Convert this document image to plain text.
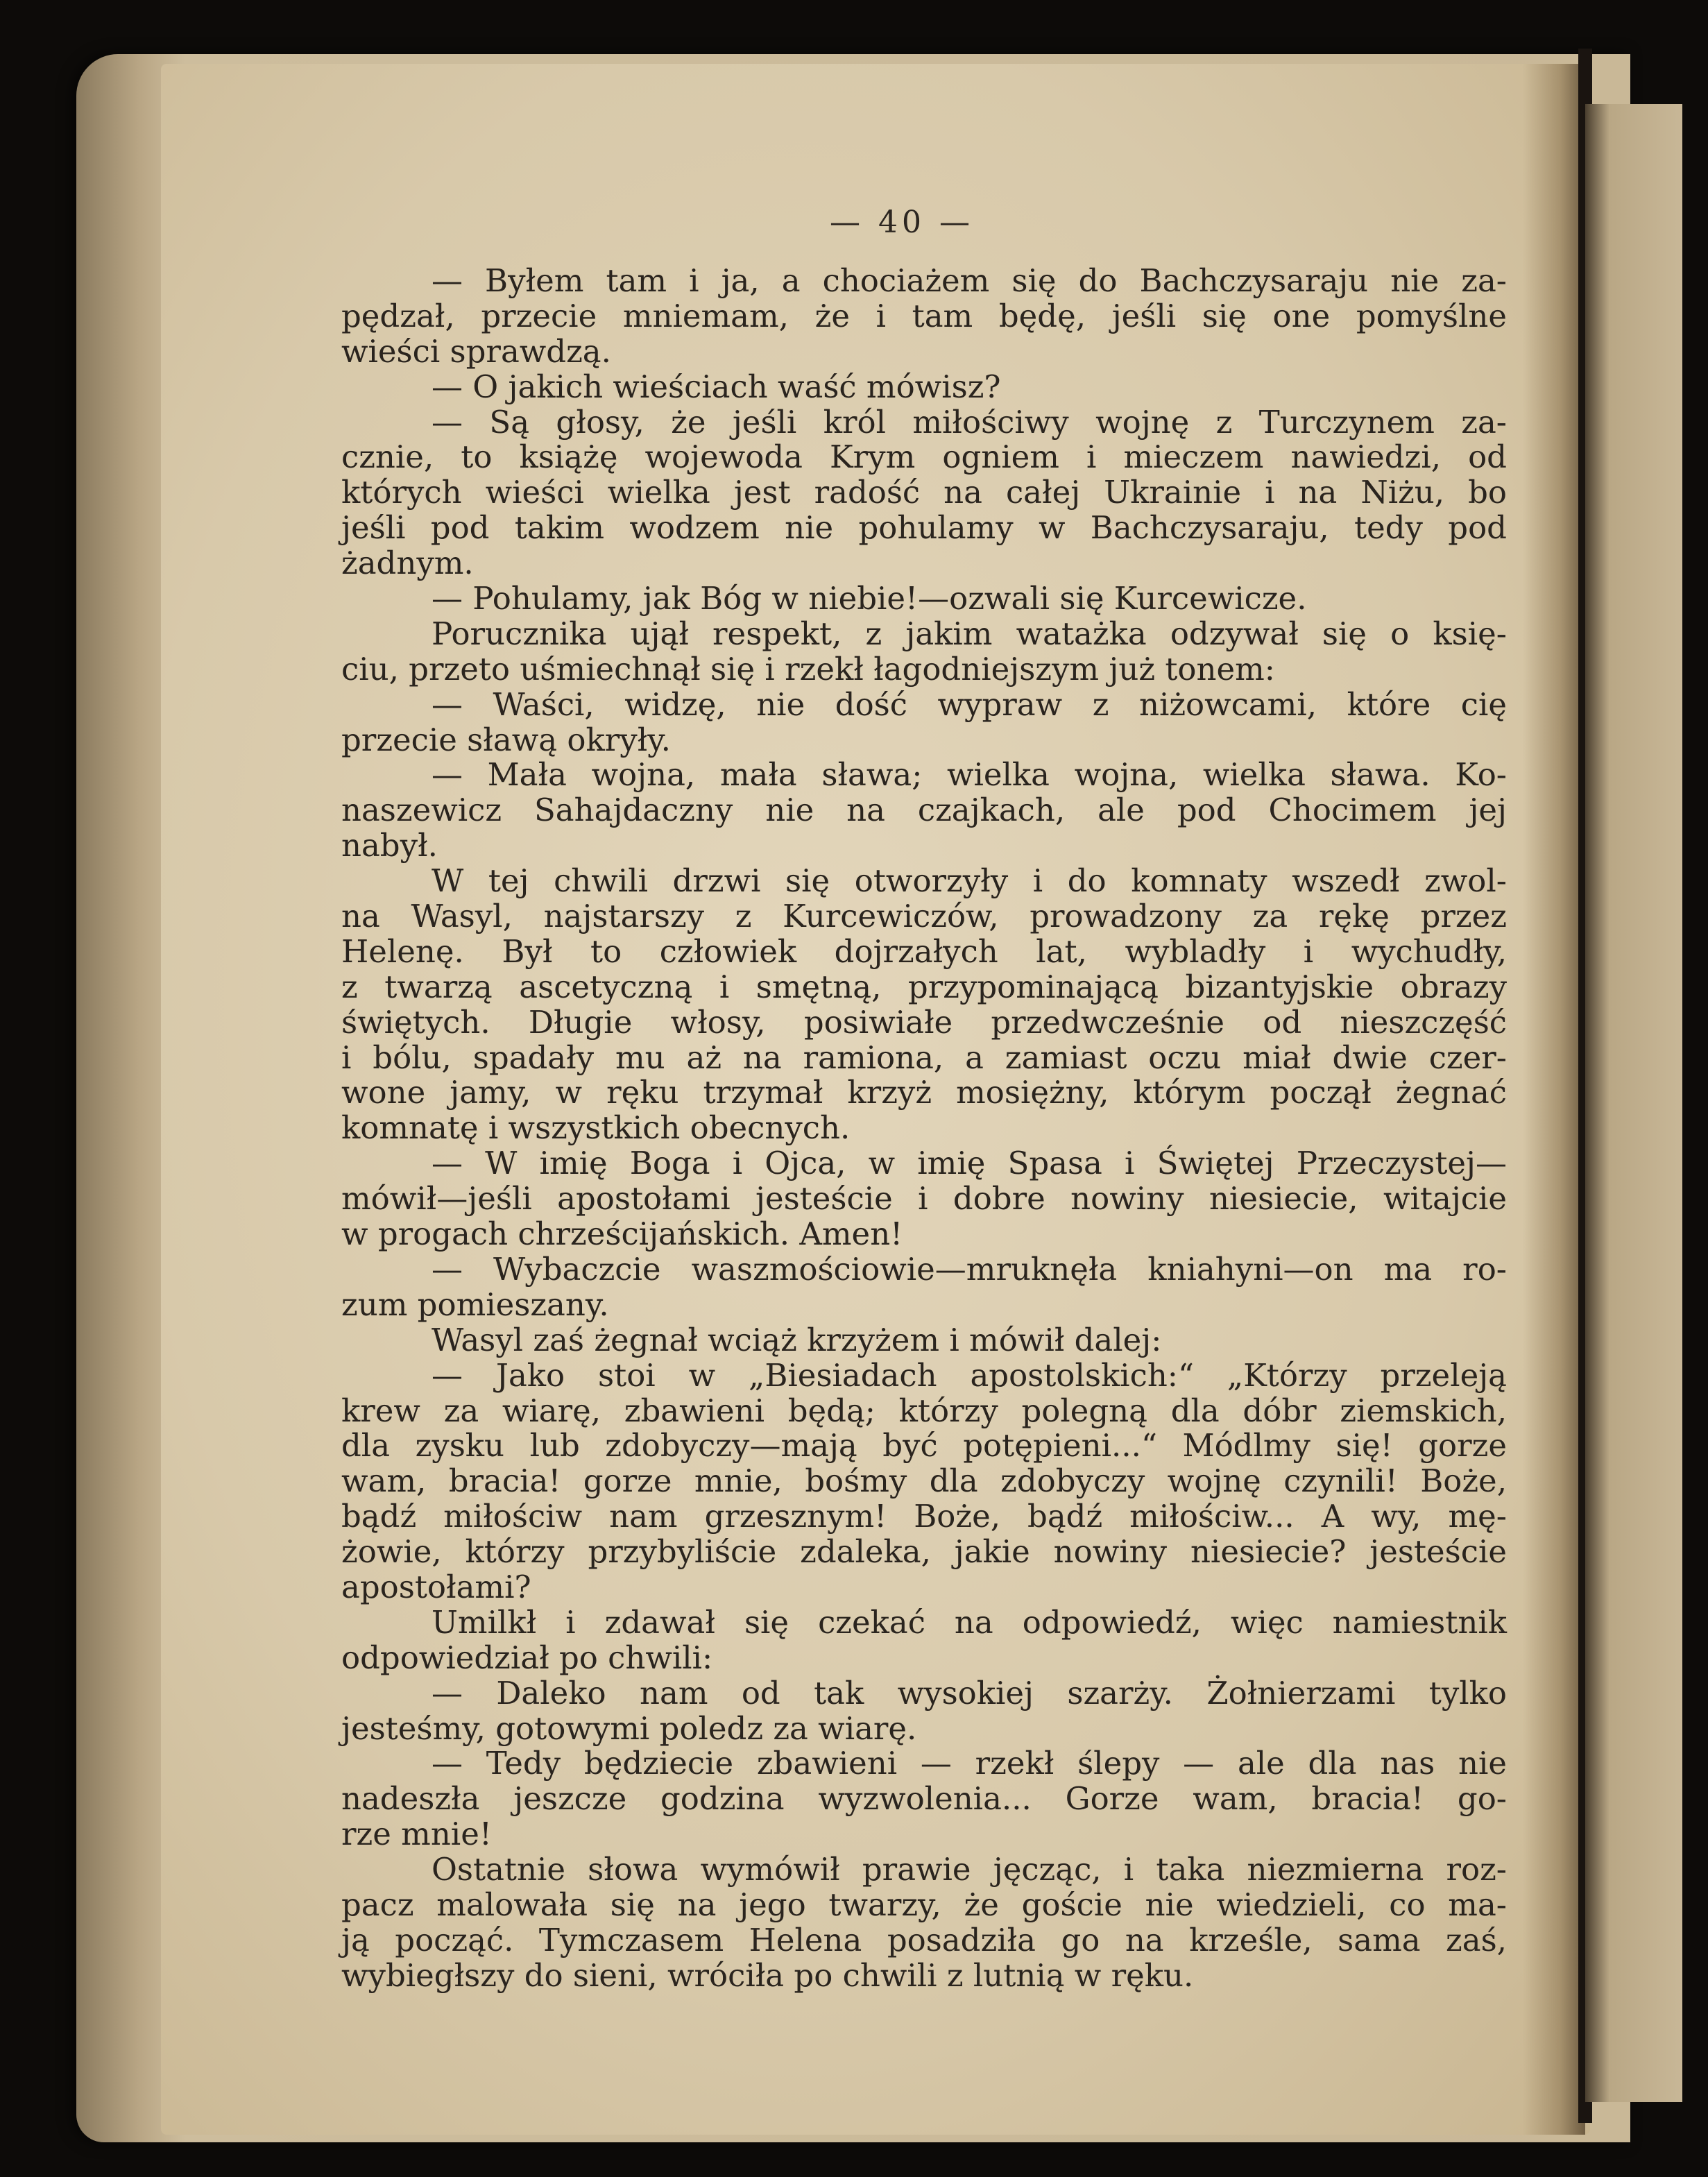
— 40 —
— Byłem tam i ja, a chociażem się do Bachczysaraju nie za-
pędzał, przecie mniemam, że i tam będę, jeśli się one pomyślne
wieści sprawdzą.
— O jakich wieściach waść mówisz?
— Są głosy, że jeśli król miłościwy wojnę z Turczynem za-
cznie, to książę wojewoda Krym ogniem i mieczem nawiedzi, od
których wieści wielka jest radość na całej Ukrainie i na Niżu, bo
jeśli pod takim wodzem nie pohulamy w Bachczysaraju, tedy pod
żadnym.
— Pohulamy, jak Bóg w niebie!—ozwali się Kurcewicze.
Porucznika ujął respekt, z jakim watażka odzywał się o księ-
ciu, przeto uśmiechnął się i rzekł łagodniejszym już tonem:
— Waści, widzę, nie dość wypraw z niżowcami, które cię
przecie sławą okryły.
— Mała wojna, mała sława; wielka wojna, wielka sława. Ko-
naszewicz Sahajdaczny nie na czajkach, ale pod Chocimem jej
nabył.
W tej chwili drzwi się otworzyły i do komnaty wszedł zwol-
na Wasyl, najstarszy z Kurcewiczów, prowadzony za rękę przez
Helenę. Był to człowiek dojrzałych lat, wybladły i wychudły,
z twarzą ascetyczną i smętną, przypominającą bizantyjskie obrazy
świętych. Długie włosy, posiwiałe przedwcześnie od nieszczęść
i bólu, spadały mu aż na ramiona, a zamiast oczu miał dwie czer-
wone jamy, w ręku trzymał krzyż mosiężny, którym począł żegnać
komnatę i wszystkich obecnych.
— W imię Boga i Ojca, w imię Spasa i Świętej Przeczystej—
mówił—jeśli apostołami jesteście i dobre nowiny niesiecie, witajcie
w progach chrześcijańskich. Amen!
— Wybaczcie waszmościowie—mruknęła kniahyni—on ma ro-
zum pomieszany.
Wasyl zaś żegnał wciąż krzyżem i mówił dalej:
— Jako stoi w „Biesiadach apostolskich:“ „Którzy przeleją
krew za wiarę, zbawieni będą; którzy polegną dla dóbr ziemskich,
dla zysku lub zdobyczy—mają być potępieni...“ Módlmy się! gorze
wam, bracia! gorze mnie, bośmy dla zdobyczy wojnę czynili! Boże,
bądź miłościw nam grzesznym! Boże, bądź miłościw... A wy, mę-
żowie, którzy przybyliście zdaleka, jakie nowiny niesiecie? jesteście
apostołami?
Umilkł i zdawał się czekać na odpowiedź, więc namiestnik
odpowiedział po chwili:
— Daleko nam od tak wysokiej szarży. Żołnierzami tylko
jesteśmy, gotowymi poledz za wiarę.
— Tedy będziecie zbawieni — rzekł ślepy — ale dla nas nie
nadeszła jeszcze godzina wyzwolenia... Gorze wam, bracia! go-
rze mnie!
Ostatnie słowa wymówił prawie jęcząc, i taka niezmierna roz-
pacz malowała się na jego twarzy, że goście nie wiedzieli, co ma-
ją począć. Tymczasem Helena posadziła go na krześle, sama zaś,
wybiegłszy do sieni, wróciła po chwili z lutnią w ręku.
